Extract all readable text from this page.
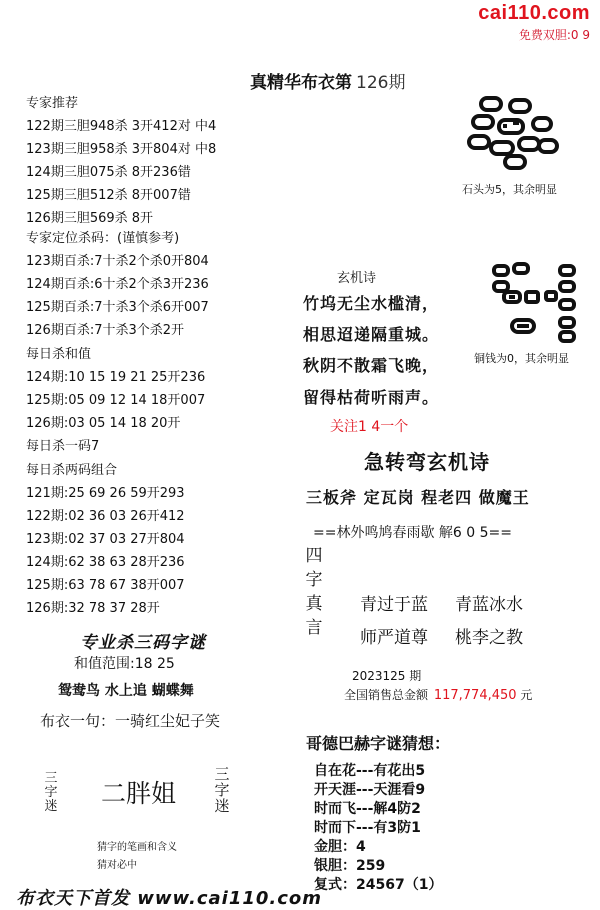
cai110.com
免费双胆:0 9
真精华布衣第 126期
专家推荐
122期三胆948杀 3开412对 中4
123期三胆958杀 3开804对 中8
124期三胆075杀 8开236错
125期三胆512杀 8开007错
126期三胆569杀 8开
专家定位杀码：(谨慎参考)
123期百杀:7十杀2个杀0开804
124期百杀:6十杀2个杀3开236
125期百杀:7十杀3个杀6开007
126期百杀:7十杀3个杀2开
每日杀和值
124期:10 15 19 21 25开236
125期:05 09 12 14 18开007
126期:03 05 14 18 20开
每日杀一码7
每日杀两码组合
121期:25 69 26 59开293
122期:02 36 03 26开412
123期:02 37 03 27开804
124期:62 38 63 28开236
125期:63 78 67 38开007
126期:32 78 37 28开
专业杀三码字谜
和值范围:18 25
鸳鸯鸟 水上追 蝴蝶舞
布衣一句：一骑红尘妃子笑
三字迷 二胖姐
三字迷
猜字的笔画和含义
猜对必中
布衣天下首发 www.cai110.com
石头为5，其余明显
铜钱为0，其余明显
玄机诗
竹坞无尘水槛清，
相思迢递隔重城。
秋阴不散霜飞晚，
留得枯荷听雨声。
关注1 4一个
急转弯玄机诗
三板斧 定瓦岗 程老四 做魔王
==林外鸣鸠春雨歇 解6 0 5==
四字真言
青过于蓝 青蓝冰水
师严道尊 桃李之教
2023125 期
全国销售总金额 117,774,450 元
哥德巴赫字谜猜想：
自在花---有花出5
开天涯---天涯看9
时而飞---解4防2
时而下---有3防1
金胆：4
银胆：259
复式：24567（1）
